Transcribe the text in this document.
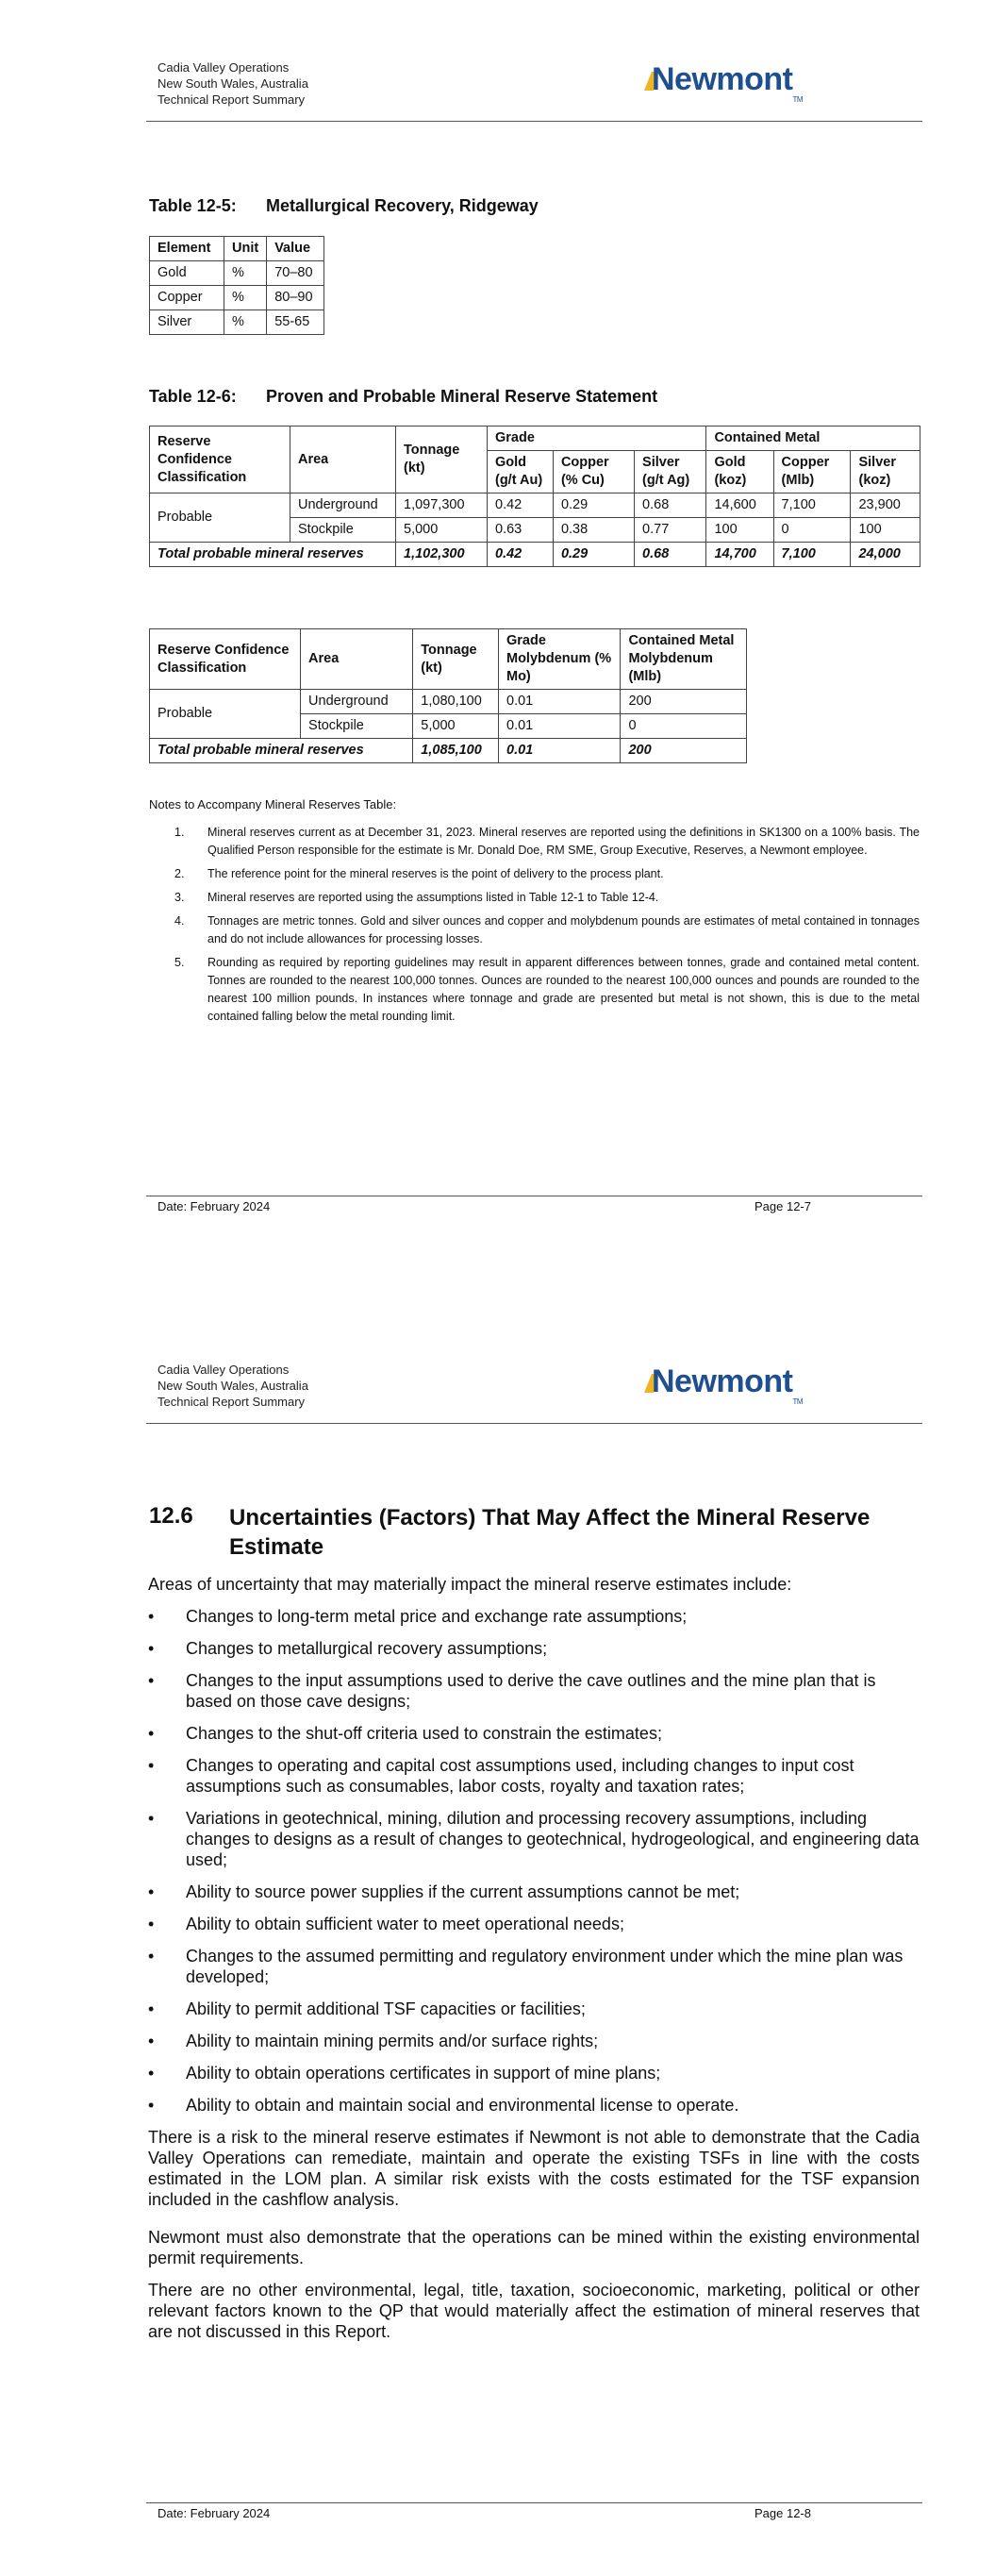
Cadia Valley Operations
New South Wales, Australia
Technical Report Summary
Newmont™
Table 12-5: Metallurgical Recovery, Ridgeway
Element	Unit	Value
Gold	%	70–80
Copper	%	80–90
Silver	%	55-65
Table 12-6: Proven and Probable Mineral Reserve Statement
Reserve Confidence Classification	Area	Tonnage (kt)	Grade			Contained Metal		
			Gold (g/t Au)	Copper (% Cu)	Silver (g/t Ag)	Gold (koz)	Copper (Mlb)	Silver (koz)
Probable	Underground	1,097,300	0.42	0.29	0.68	14,600	7,100	23,900
	Stockpile	5,000	0.63	0.38	0.77	100	0	100
Total probable mineral reserves		1,102,300	0.42	0.29	0.68	14,700	7,100	24,000
Reserve Confidence Classification	Area	Tonnage (kt)	Grade Molybdenum (% Mo)	Contained Metal Molybdenum (Mlb)
Probable	Underground	1,080,100	0.01	200
	Stockpile	5,000	0.01	0
Total probable mineral reserves		1,085,100	0.01	200
Notes to Accompany Mineral Reserves Table:
1. Mineral reserves current as at December 31, 2023. Mineral reserves are reported using the definitions in SK1300 on a 100% basis. The Qualified Person responsible for the estimate is Mr. Donald Doe, RM SME, Group Executive, Reserves, a Newmont employee.
2. The reference point for the mineral reserves is the point of delivery to the process plant.
3. Mineral reserves are reported using the assumptions listed in Table 12-1 to Table 12-4.
4. Tonnages are metric tonnes. Gold and silver ounces and copper and molybdenum pounds are estimates of metal contained in tonnages and do not include allowances for processing losses.
5. Rounding as required by reporting guidelines may result in apparent differences between tonnes, grade and contained metal content. Tonnes are rounded to the nearest 100,000 tonnes. Ounces are rounded to the nearest 100,000 ounces and pounds are rounded to the nearest 100 million pounds. In instances where tonnage and grade are presented but metal is not shown, this is due to the metal contained falling below the metal rounding limit.
Date: February 2024	Page 12-7
Cadia Valley Operations
New South Wales, Australia
Technical Report Summary
Newmont™
12.6 Uncertainties (Factors) That May Affect the Mineral Reserve Estimate
Areas of uncertainty that may materially impact the mineral reserve estimates include:
• Changes to long-term metal price and exchange rate assumptions;
• Changes to metallurgical recovery assumptions;
• Changes to the input assumptions used to derive the cave outlines and the mine plan that is based on those cave designs;
• Changes to the shut-off criteria used to constrain the estimates;
• Changes to operating and capital cost assumptions used, including changes to input cost assumptions such as consumables, labor costs, royalty and taxation rates;
• Variations in geotechnical, mining, dilution and processing recovery assumptions, including changes to designs as a result of changes to geotechnical, hydrogeological, and engineering data used;
• Ability to source power supplies if the current assumptions cannot be met;
• Ability to obtain sufficient water to meet operational needs;
• Changes to the assumed permitting and regulatory environment under which the mine plan was developed;
• Ability to permit additional TSF capacities or facilities;
• Ability to maintain mining permits and/or surface rights;
• Ability to obtain operations certificates in support of mine plans;
• Ability to obtain and maintain social and environmental license to operate.
There is a risk to the mineral reserve estimates if Newmont is not able to demonstrate that the Cadia Valley Operations can remediate, maintain and operate the existing TSFs in line with the costs estimated in the LOM plan. A similar risk exists with the costs estimated for the TSF expansion included in the cashflow analysis.
Newmont must also demonstrate that the operations can be mined within the existing environmental permit requirements.
There are no other environmental, legal, title, taxation, socioeconomic, marketing, political or other relevant factors known to the QP that would materially affect the estimation of mineral reserves that are not discussed in this Report.
Date: February 2024	Page 12-8
